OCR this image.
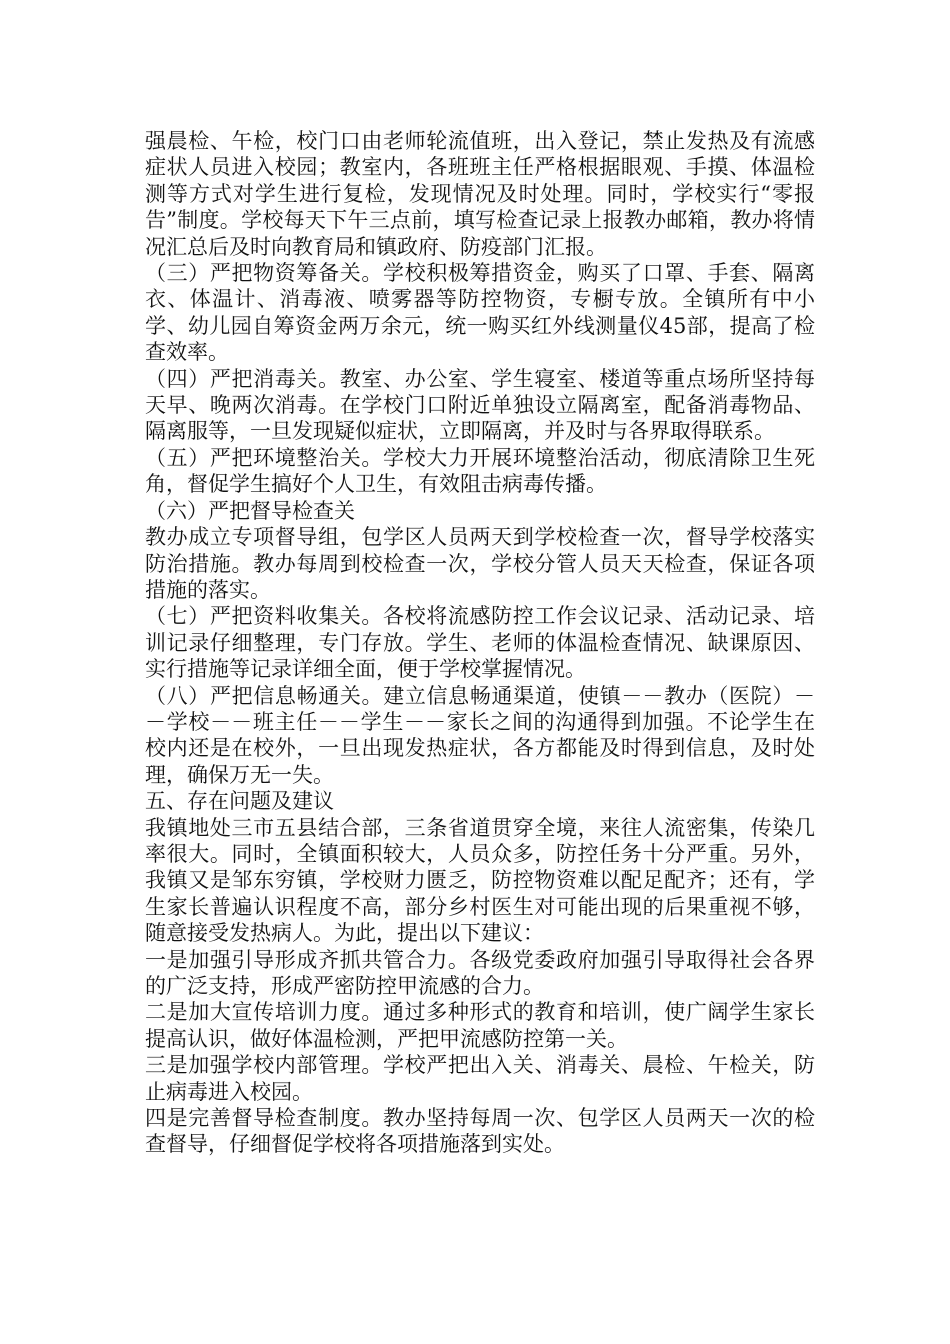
强晨检、午检，校门口由老师轮流值班，出入登记，禁止发热及有流感症状人员进入校园；教室内，各班班主任严格根据眼观、手摸、体温检测等方式对学生进行复检，发现情况及时处理。同时，学校实行“零报告”制度。学校每天下午三点前，填写检查记录上报教办邮箱，教办将情况汇总后及时向教育局和镇政府、防疫部门汇报。

（三）严把物资筹备关。学校积极筹措资金，购买了口罩、手套、隔离衣、体温计、消毒液、喷雾器等防控物资，专橱专放。全镇所有中小学、幼儿园自筹资金两万余元，统一购买红外线测量仪45部，提高了检查效率。

（四）严把消毒关。教室、办公室、学生寝室、楼道等重点场所坚持每天早、晚两次消毒。在学校门口附近单独设立隔离室，配备消毒物品、隔离服等，一旦发现疑似症状，立即隔离，并及时与各界取得联系。

（五）严把环境整治关。学校大力开展环境整治活动，彻底清除卫生死角，督促学生搞好个人卫生，有效阻击病毒传播。

（六）严把督导检查关

教办成立专项督导组，包学区人员两天到学校检查一次，督导学校落实防治措施。教办每周到校检查一次，学校分管人员天天检查，保证各项措施的落实。

（七）严把资料收集关。各校将流感防控工作会议记录、活动记录、培训记录仔细整理，专门存放。学生、老师的体温检查情况、缺课原因、实行措施等记录详细全面，便于学校掌握情况。

（八）严把信息畅通关。建立信息畅通渠道，使镇－－教办（医院）－－学校－－班主任－－学生－－家长之间的沟通得到加强。不论学生在校内还是在校外，一旦出现发热症状，各方都能及时得到信息，及时处理，确保万无一失。

五、存在问题及建议

我镇地处三市五县结合部，三条省道贯穿全境，来往人流密集，传染几率很大。同时，全镇面积较大，人员众多，防控任务十分严重。另外，我镇又是邹东穷镇，学校财力匮乏，防控物资难以配足配齐；还有，学生家长普遍认识程度不高，部分乡村医生对可能出现的后果重视不够，随意接受发热病人。为此，提出以下建议：

一是加强引导形成齐抓共管合力。各级党委政府加强引导取得社会各界的广泛支持，形成严密防控甲流感的合力。

二是加大宣传培训力度。通过多种形式的教育和培训，使广阔学生家长提高认识，做好体温检测，严把甲流感防控第一关。

三是加强学校内部管理。学校严把出入关、消毒关、晨检、午检关，防止病毒进入校园。

四是完善督导检查制度。教办坚持每周一次、包学区人员两天一次的检查督导，仔细督促学校将各项措施落到实处。
